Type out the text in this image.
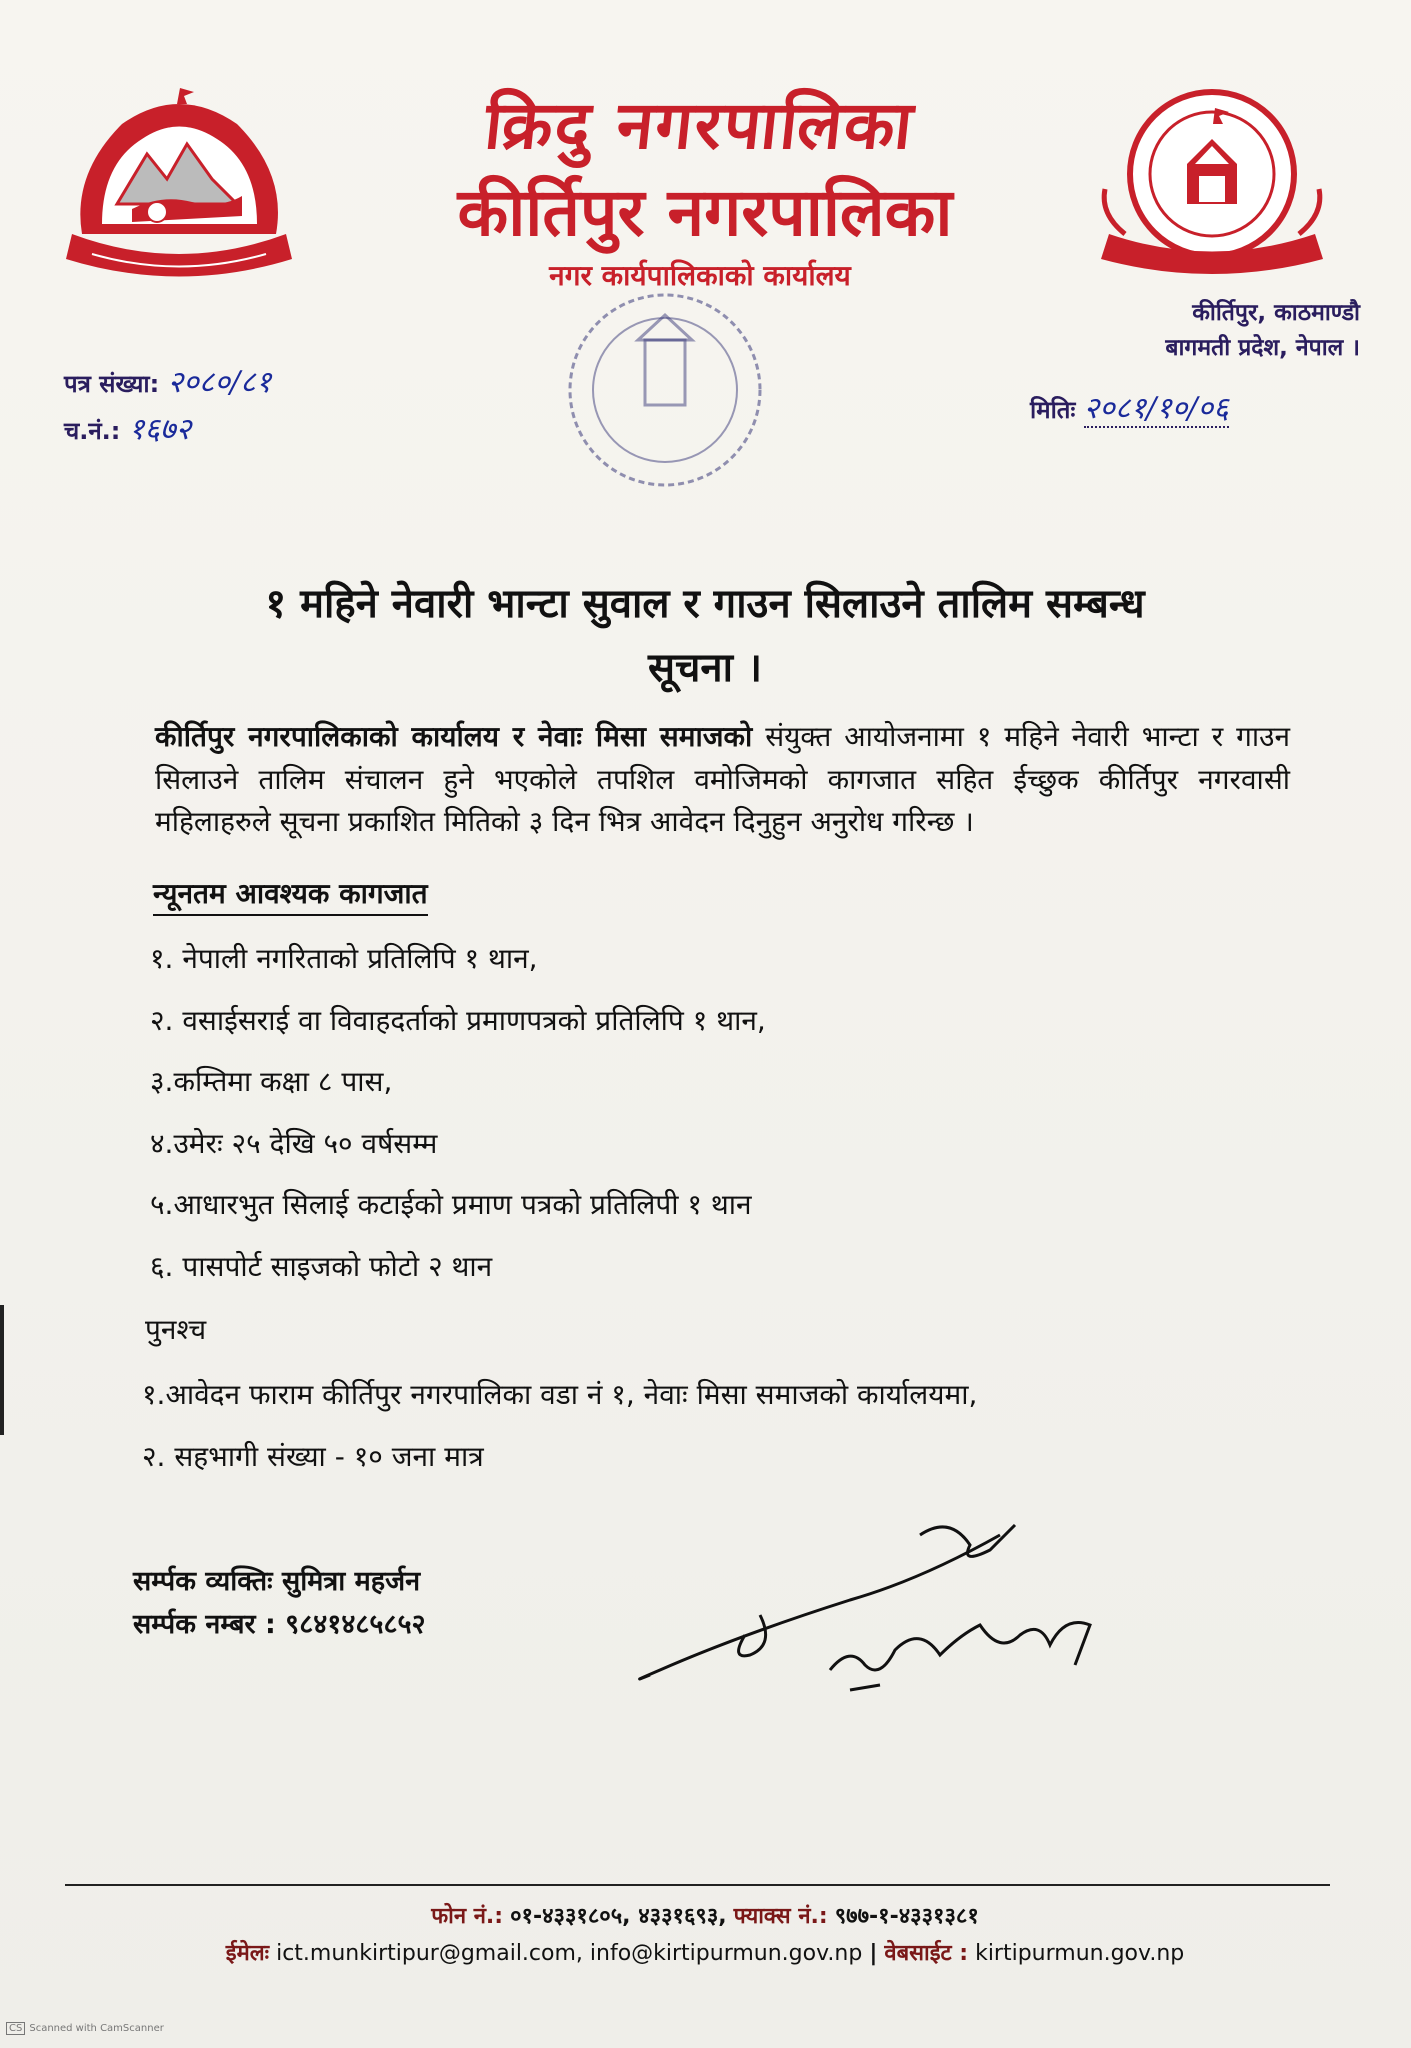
क्रिदु नगरपालिका
कीर्तिपुर नगरपालिका
नगर कार्यपालिकाको कार्यालय
कीर्तिपुर, काठमाण्डौ
बागमती प्रदेश, नेपाल ।
पत्र संख्या: २०८०/८१
च.नं.: १६७२
मितिः २०८१/१०/०६
१ महिने नेवारी भान्टा सुवाल र गाउन सिलाउने तालिम सम्बन्ध
सूचना ।
कीर्तिपुर नगरपालिकाको कार्यालय र नेवाः मिसा समाजको संयुक्त आयोजनामा १ महिने नेवारी भान्टा र गाउन सिलाउने तालिम संचालन हुने भएकोले तपशिल वमोजिमको कागजात सहित ईच्छुक कीर्तिपुर नगरवासी महिलाहरुले सूचना प्रकाशित मितिको ३ दिन भित्र आवेदन दिनुहुन अनुरोध गरिन्छ ।
न्यूनतम आवश्यक कागजात
१. नेपाली नगरिताको प्रतिलिपि १ थान,
२. वसाईसराई वा विवाहदर्ताको प्रमाणपत्रको प्रतिलिपि १ थान,
३.कम्तिमा कक्षा ८ पास,
४.उमेरः २५ देखि ५० वर्षसम्म
५.आधारभुत सिलाई कटाईको प्रमाण पत्रको प्रतिलिपी १ थान
६. पासपोर्ट साइजको फोटो २ थान
पुनश्च
१.आवेदन फाराम कीर्तिपुर नगरपालिका वडा नं १, नेवाः मिसा समाजको कार्यालयमा,
२. सहभागी संख्या - १० जना मात्र
सर्म्पक व्यक्तिः सुमित्रा महर्जन
सर्म्पक नम्बर : ९८४१४८५८५२
फोन नं.: ०१-४३३१८०५, ४३३१६९३, फ्याक्स नं.: ९७७-१-४३३१३८१
ईमेलः ict.munkirtipur@gmail.com, info@kirtipurmun.gov.np | वेबसाईट : kirtipurmun.gov.np
CS Scanned with CamScanner
